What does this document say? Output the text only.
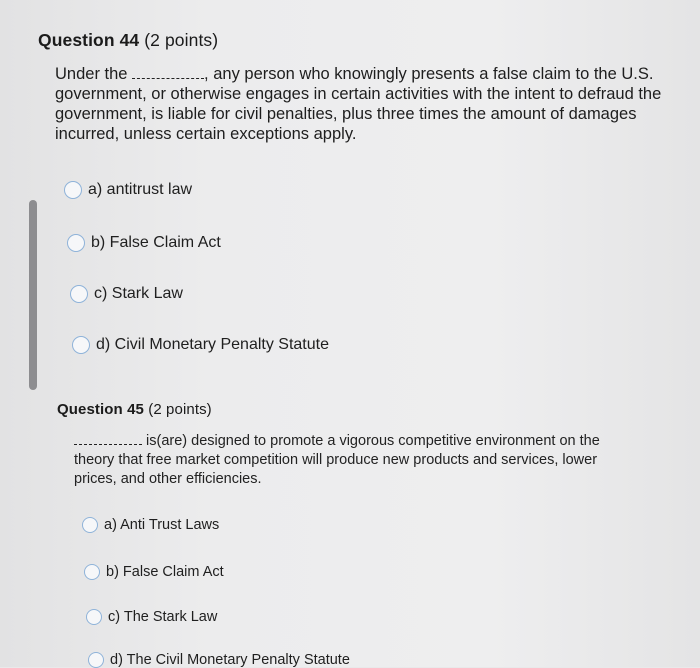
Question 44 (2 points)
Under the	, any person who knowingly presents a false claim to the U.S. government, or otherwise engages in certain activities with the intent to defraud the government, is liable for civil penalties, plus three times the amount of damages incurred, unless certain exceptions apply.
a) antitrust law
b) False Claim Act
c) Stark Law
d) Civil Monetary Penalty Statute
Question 45 (2 points)
is(are) designed to promote a vigorous competitive environment on the theory that free market competition will produce new products and services, lower prices, and other efficiencies.
a) Anti Trust Laws
b) False Claim Act
c) The Stark Law
d) The Civil Monetary Penalty Statute
